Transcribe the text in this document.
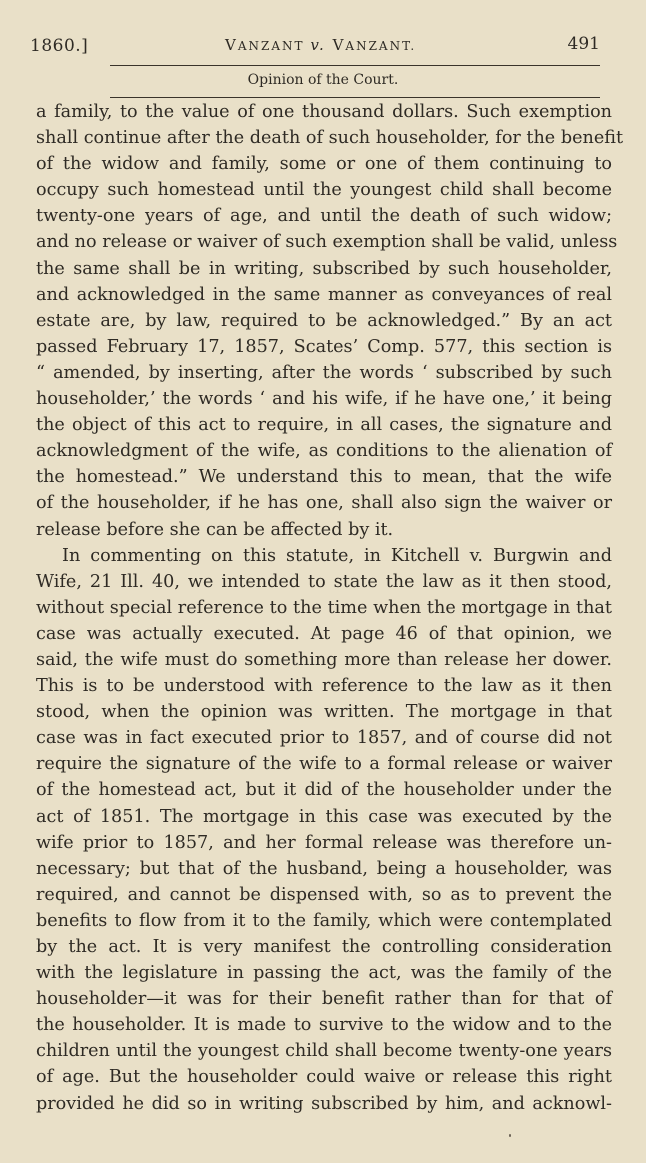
1860.]	VANZANT v. VANZANT.	491
Opinion of the Court.
a family, to the value of one thousand dollars. Such exemption
shall continue after the death of such householder, for the benefit
of the widow and family, some or one of them continuing to
occupy such homestead until the youngest child shall become
twenty-one years of age, and until the death of such widow;
and no release or waiver of such exemption shall be valid, unless
the same shall be in writing, subscribed by such householder,
and acknowledged in the same manner as conveyances of real
estate are, by law, required to be acknowledged.” By an act
passed February 17, 1857, Scates’ Comp. 577, this section is
“ amended, by inserting, after the words ‘ subscribed by such
householder,’ the words ‘ and his wife, if he have one,’ it being
the object of this act to require, in all cases, the signature and
acknowledgment of the wife, as conditions to the alienation of
the homestead.” We understand this to mean, that the wife
of the householder, if he has one, shall also sign the waiver or
release before she can be affected by it.
In commenting on this statute, in Kitchell v. Burgwin and
Wife, 21 Ill. 40, we intended to state the law as it then stood,
without special reference to the time when the mortgage in that
case was actually executed. At page 46 of that opinion, we
said, the wife must do something more than release her dower.
This is to be understood with reference to the law as it then
stood, when the opinion was written. The mortgage in that
case was in fact executed prior to 1857, and of course did not
require the signature of the wife to a formal release or waiver
of the homestead act, but it did of the householder under the
act of 1851. The mortgage in this case was executed by the
wife prior to 1857, and her formal release was therefore un-
necessary; but that of the husband, being a householder, was
required, and cannot be dispensed with, so as to prevent the
benefits to flow from it to the family, which were contemplated
by the act. It is very manifest the controlling consideration
with the legislature in passing the act, was the family of the
householder—it was for their benefit rather than for that of
the householder. It is made to survive to the widow and to the
children until the youngest child shall become twenty-one years
of age. But the householder could waive or release this right
provided he did so in writing subscribed by him, and acknowl-
